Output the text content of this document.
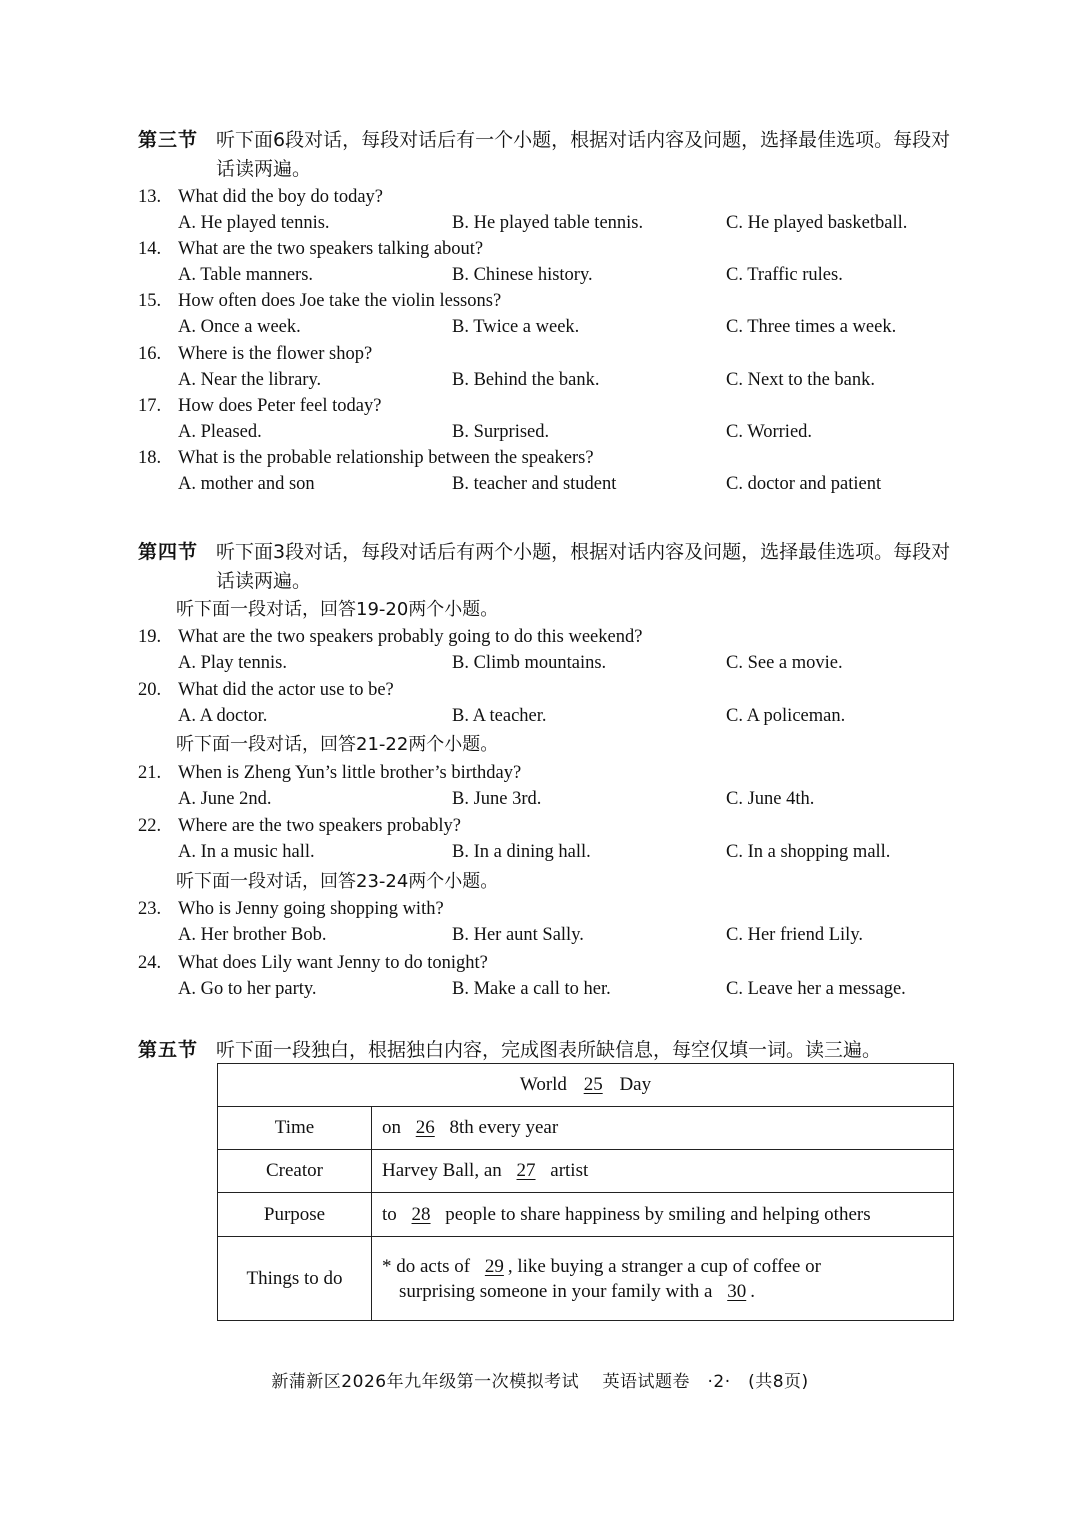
第三节 听下面6段对话，每段对话后有一个小题，根据对话内容及问题，选择最佳选项。每段对话读两遍。
13. What did the boy do today?
A. He played tennis.	B. He played table tennis.	C. He played basketball.
14. What are the two speakers talking about?
A. Table manners.	B. Chinese history.	C. Traffic rules.
15. How often does Joe take the violin lessons?
A. Once a week.	B. Twice a week.	C. Three times a week.
16. Where is the flower shop?
A. Near the library.	B. Behind the bank.	C. Next to the bank.
17. How does Peter feel today?
A. Pleased.	B. Surprised.	C. Worried.
18. What is the probable relationship between the speakers?
A. mother and son	B. teacher and student	C. doctor and patient
第四节 听下面3段对话，每段对话后有两个小题，根据对话内容及问题，选择最佳选项。每段对话读两遍。
听下面一段对话，回答19-20两个小题。
听下面一段对话，回答21-22两个小题。
听下面一段对话，回答23-24两个小题。
19. What are the two speakers probably going to do this weekend?
A. Play tennis.	B. Climb mountains.	C. See a movie.
20. What did the actor use to be?
A. A doctor.	B. A teacher.	C. A policeman.
21. When is Zheng Yun’s little brother’s birthday?
A. June 2nd.	B. June 3rd.	C. June 4th.
22. Where are the two speakers probably?
A. In a music hall.	B. In a dining hall.	C. In a shopping mall.
23. Who is Jenny going shopping with?
A. Her brother Bob.	B. Her aunt Sally.	C. Her friend Lily.
24. What does Lily want Jenny to do tonight?
A. Go to her party.	B. Make a call to her.	C. Leave her a message.
第五节 听下面一段独白，根据独白内容，完成图表所缺信息，每空仅填一词。读三遍。
World 25 Day	
Time	on 26 8th every year
Creator	Harvey Ball, an 27 artist
Purpose	to 28 people to share happiness by smiling and helping others
Things to do	* do acts of 29 , like buying a stranger a cup of coffee or
surprising someone in your family with a 30 .
新蒲新区2026年九年级第一次模拟考试　 英语试题卷　·2·　(共8页)
